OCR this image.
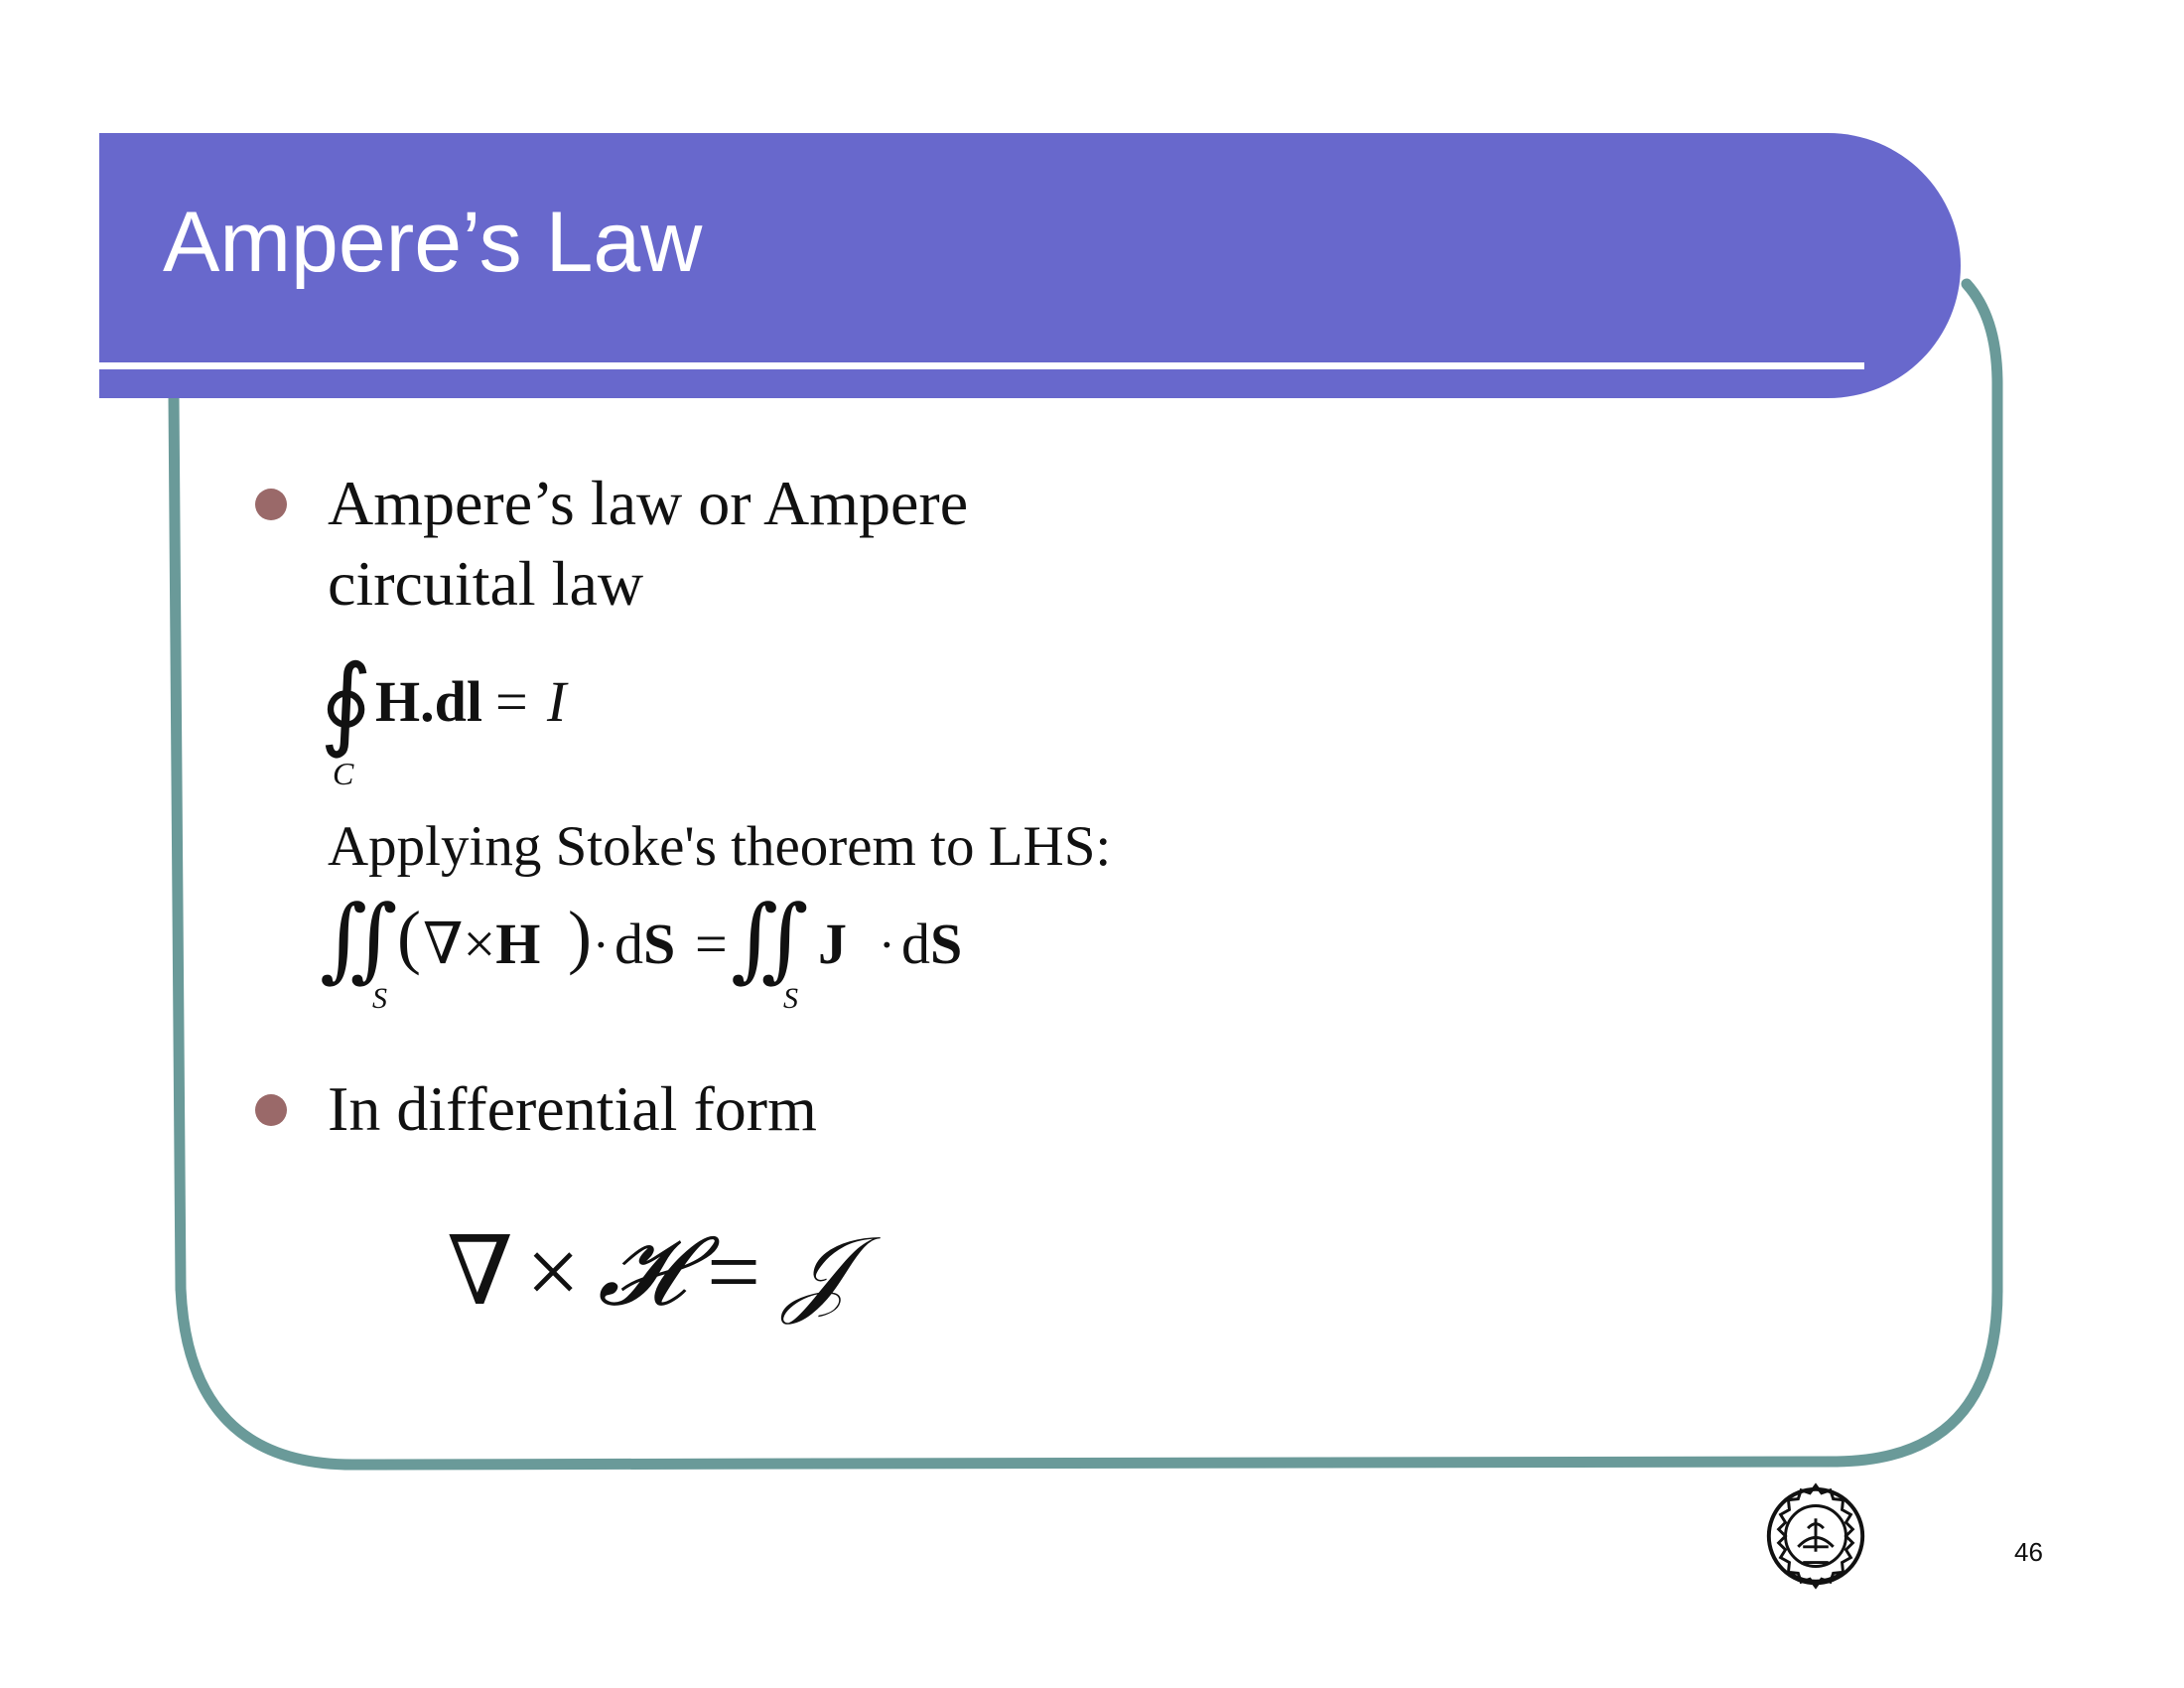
Ampere’s Law

Ampere’s law or Ampere

circuital law

∮ H.dl = I
C

Applying Stoke's theorem to LHS:

∬
S
( ∇×H ) · dS = ∬
S
J · dS

In differential form

∇ × 𝓗 = 𝒥

46
